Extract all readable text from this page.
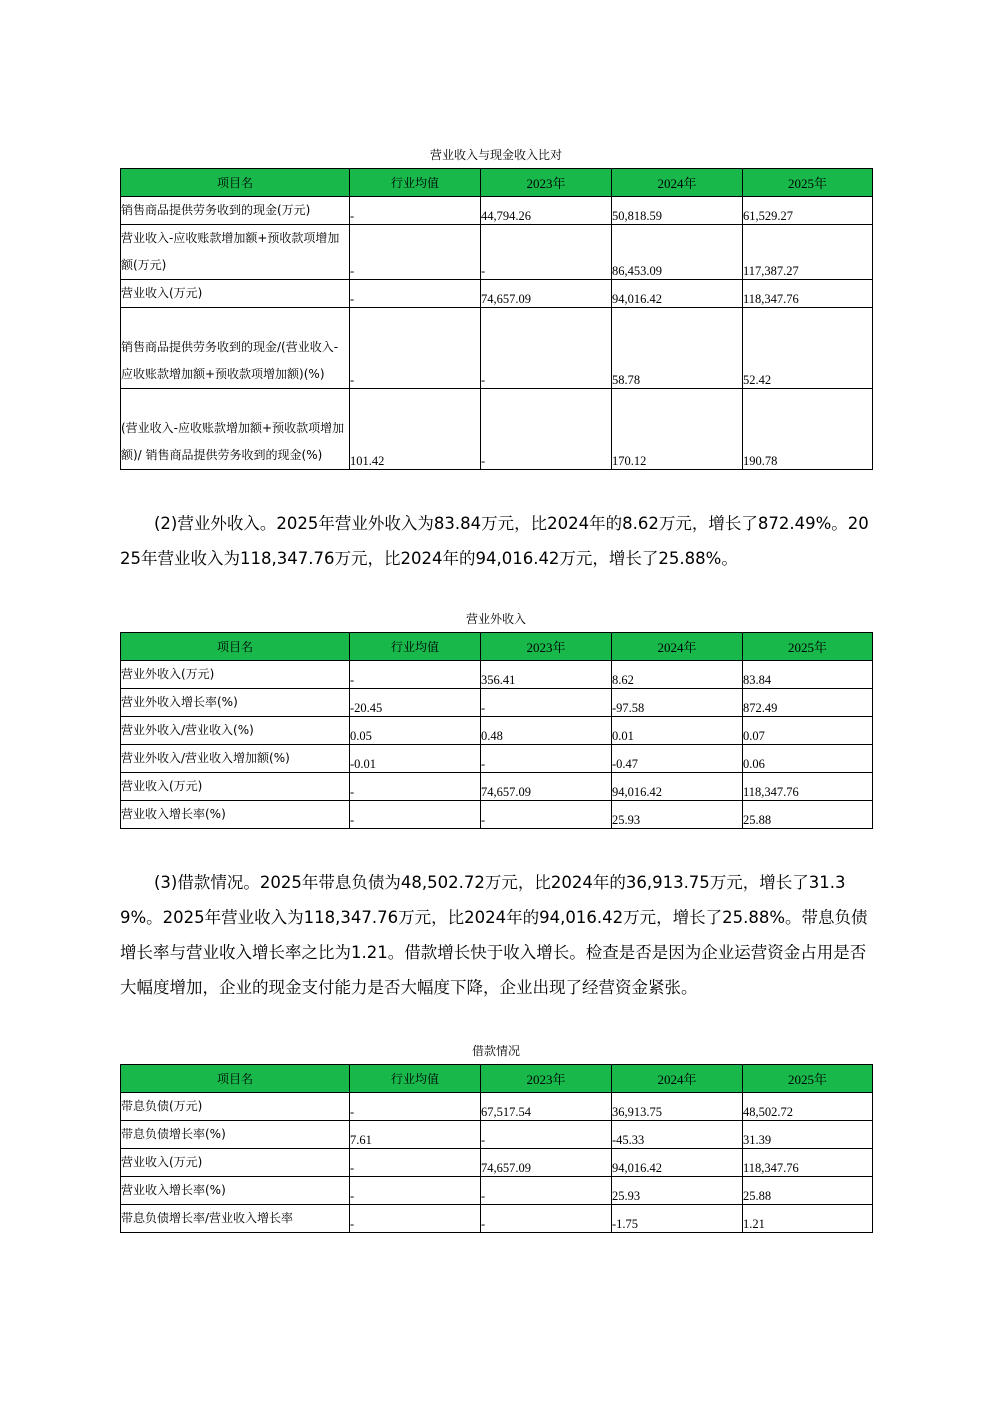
营业收入与现金收入比对
项目名	行业均值	2023年	2024年	2025年
销售商品提供劳务收到的现金(万元)	-	44,794.26	50,818.59	61,529.27
营业收入-应收账款增加额+预收款项增加额(万元)	-	-	86,453.09	117,387.27
营业收入(万元)	-	74,657.09	94,016.42	118,347.76
销售商品提供劳务收到的现金/(营业收入-应收账款增加额+预收款项增加额)(%)	-	-	58.78	52.42
(营业收入-应收账款增加额+预收款项增加额)/ 销售商品提供劳务收到的现金(%)	101.42	-	170.12	190.78

(2)营业外收入。2025年营业外收入为83.84万元，比2024年的8.62万元，增长了872.49%。2025年营业收入为118,347.76万元，比2024年的94,016.42万元，增长了25.88%。

营业外收入
项目名	行业均值	2023年	2024年	2025年
营业外收入(万元)	-	356.41	8.62	83.84
营业外收入增长率(%)	-20.45	-	-97.58	872.49
营业外收入/营业收入(%)	0.05	0.48	0.01	0.07
营业外收入/营业收入增加额(%)	-0.01	-	-0.47	0.06
营业收入(万元)	-	74,657.09	94,016.42	118,347.76
营业收入增长率(%)	-	-	25.93	25.88

(3)借款情况。2025年带息负债为48,502.72万元，比2024年的36,913.75万元，增长了31.39%。2025年营业收入为118,347.76万元，比2024年的94,016.42万元，增长了25.88%。带息负债增长率与营业收入增长率之比为1.21。借款增长快于收入增长。检查是否是因为企业运营资金占用是否大幅度增加，企业的现金支付能力是否大幅度下降，企业出现了经营资金紧张。

借款情况
项目名	行业均值	2023年	2024年	2025年
带息负债(万元)	-	67,517.54	36,913.75	48,502.72
带息负债增长率(%)	7.61	-	-45.33	31.39
营业收入(万元)	-	74,657.09	94,016.42	118,347.76
营业收入增长率(%)	-	-	25.93	25.88
带息负债增长率/营业收入增长率	-	-	-1.75	1.21
